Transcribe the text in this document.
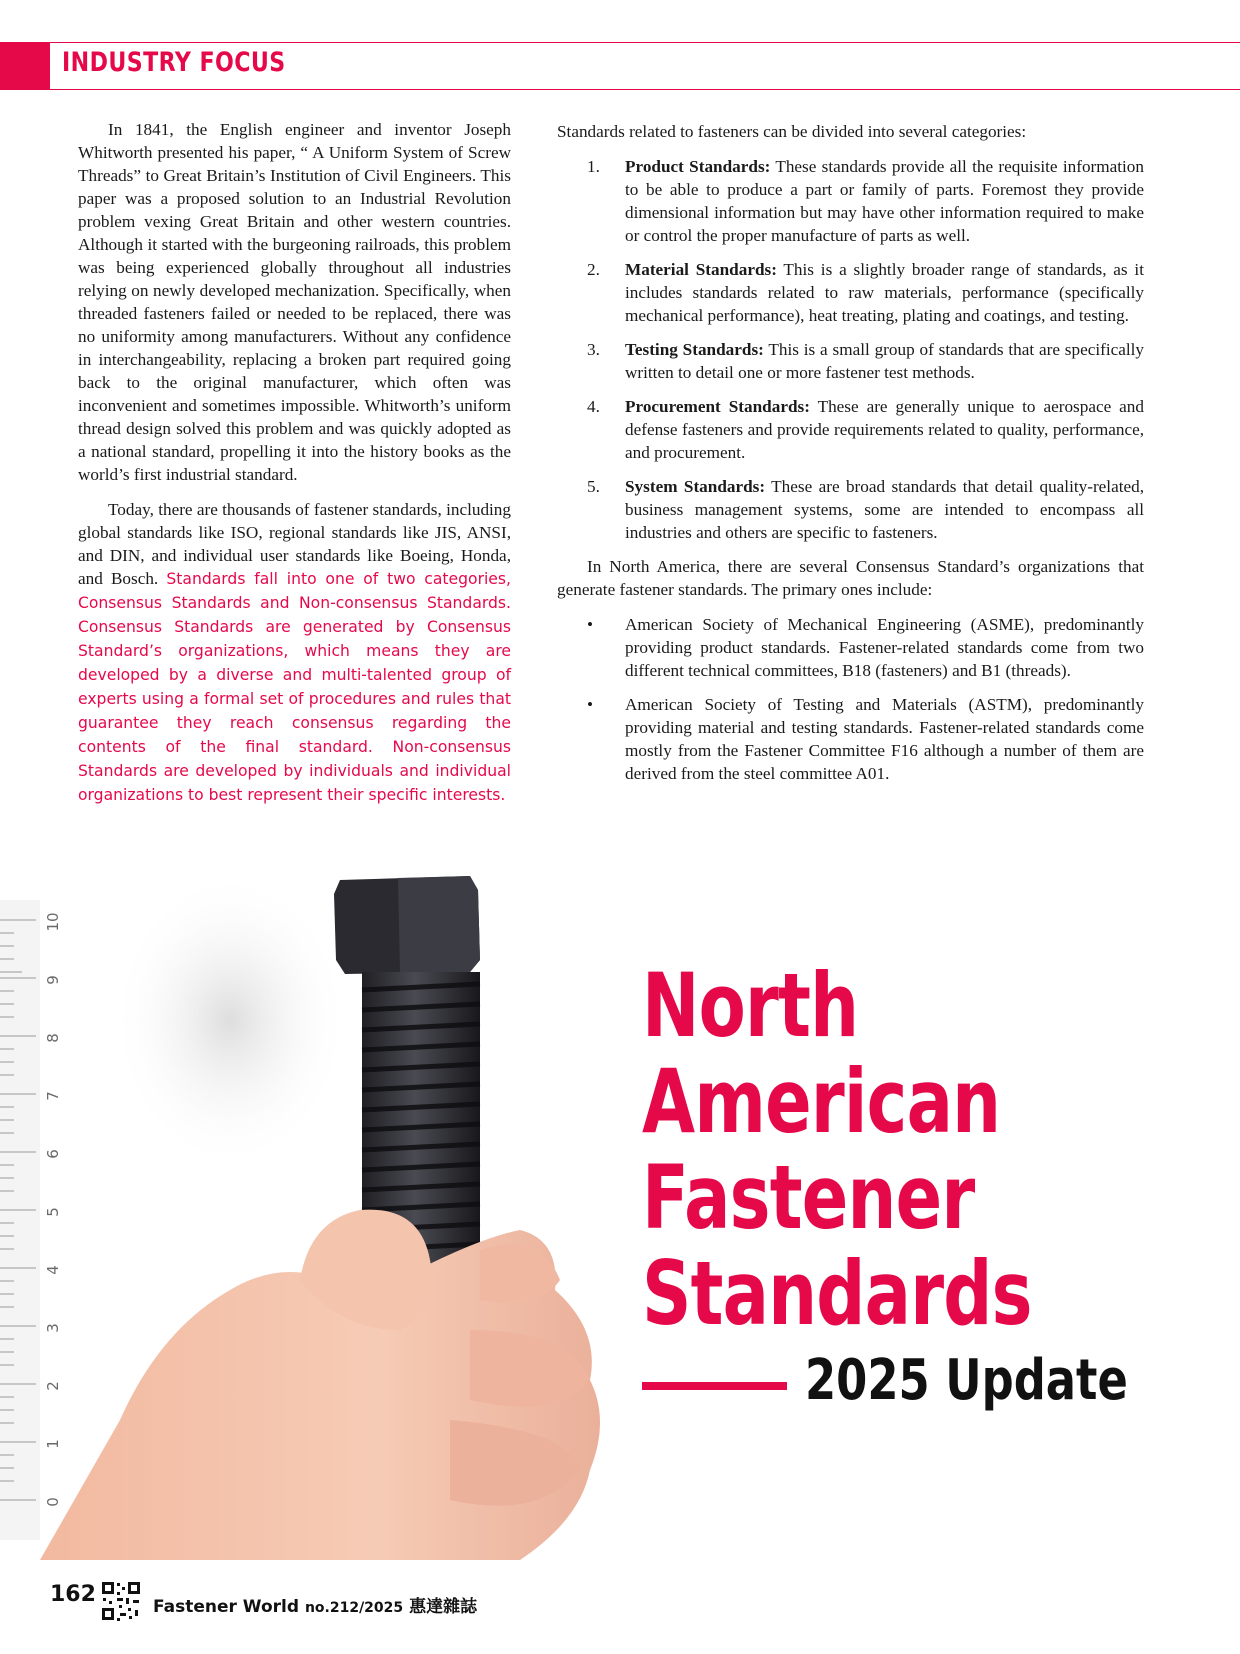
INDUSTRY FOCUS

In 1841, the English engineer and inventor Joseph Whitworth presented his paper, “ A Uniform System of Screw Threads” to Great Britain’s Institution of Civil Engineers. This paper was a proposed solution to an Industrial Revolution problem vexing Great Britain and other western countries. Although it started with the burgeoning railroads, this problem was being experienced globally throughout all industries relying on newly developed mechanization. Specifically, when threaded fasteners failed or needed to be replaced, there was no uniformity among manufacturers. Without any confidence in interchangeability, replacing a broken part required going back to the original manufacturer, which often was inconvenient and sometimes impossible. Whitworth’s uniform thread design solved this problem and was quickly adopted as a national standard, propelling it into the history books as the world’s first industrial standard.

Today, there are thousands of fastener standards, including global standards like ISO, regional standards like JIS, ANSI, and DIN, and individual user standards like Boeing, Honda, and Bosch. Standards fall into one of two categories, Consensus Standards and Non-consensus Standards. Consensus Standards are generated by Consensus Standard’s organizations, which means they are developed by a diverse and multi-talented group of experts using a formal set of procedures and rules that guarantee they reach consensus regarding the contents of the final standard. Non-consensus Standards are developed by individuals and individual organizations to best represent their specific interests.

Standards related to fasteners can be divided into several categories:

1. Product Standards: These standards provide all the requisite information to be able to produce a part or family of parts. Foremost they provide dimensional information but may have other information required to make or control the proper manufacture of parts as well.
2. Material Standards: This is a slightly broader range of standards, as it includes standards related to raw materials, performance (specifically mechanical performance), heat treating, plating and coatings, and testing.
3. Testing Standards: This is a small group of standards that are specifically written to detail one or more fastener test methods.
4. Procurement Standards: These are generally unique to aerospace and defense fasteners and provide requirements related to quality, performance, and procurement.
5. System Standards: These are broad standards that detail quality-related, business management systems, some are intended to encompass all industries and others are specific to fasteners.

In North America, there are several Consensus Standard’s organizations that generate fastener standards. The primary ones include:

• American Society of Mechanical Engineering (ASME), predominantly providing product standards. Fastener-related standards come from two different technical committees, B18 (fasteners) and B1 (threads).
• American Society of Testing and Materials (ASTM), predominantly providing material and testing standards. Fastener-related standards come mostly from the Fastener Committee F16 although a number of them are derived from the steel committee A01.
10
9
8
7
6
5
4
3
2
1
0
North
American
Fastener
Standards
2025 Update
162	Fastener World no.212/2025 惠達雜誌
